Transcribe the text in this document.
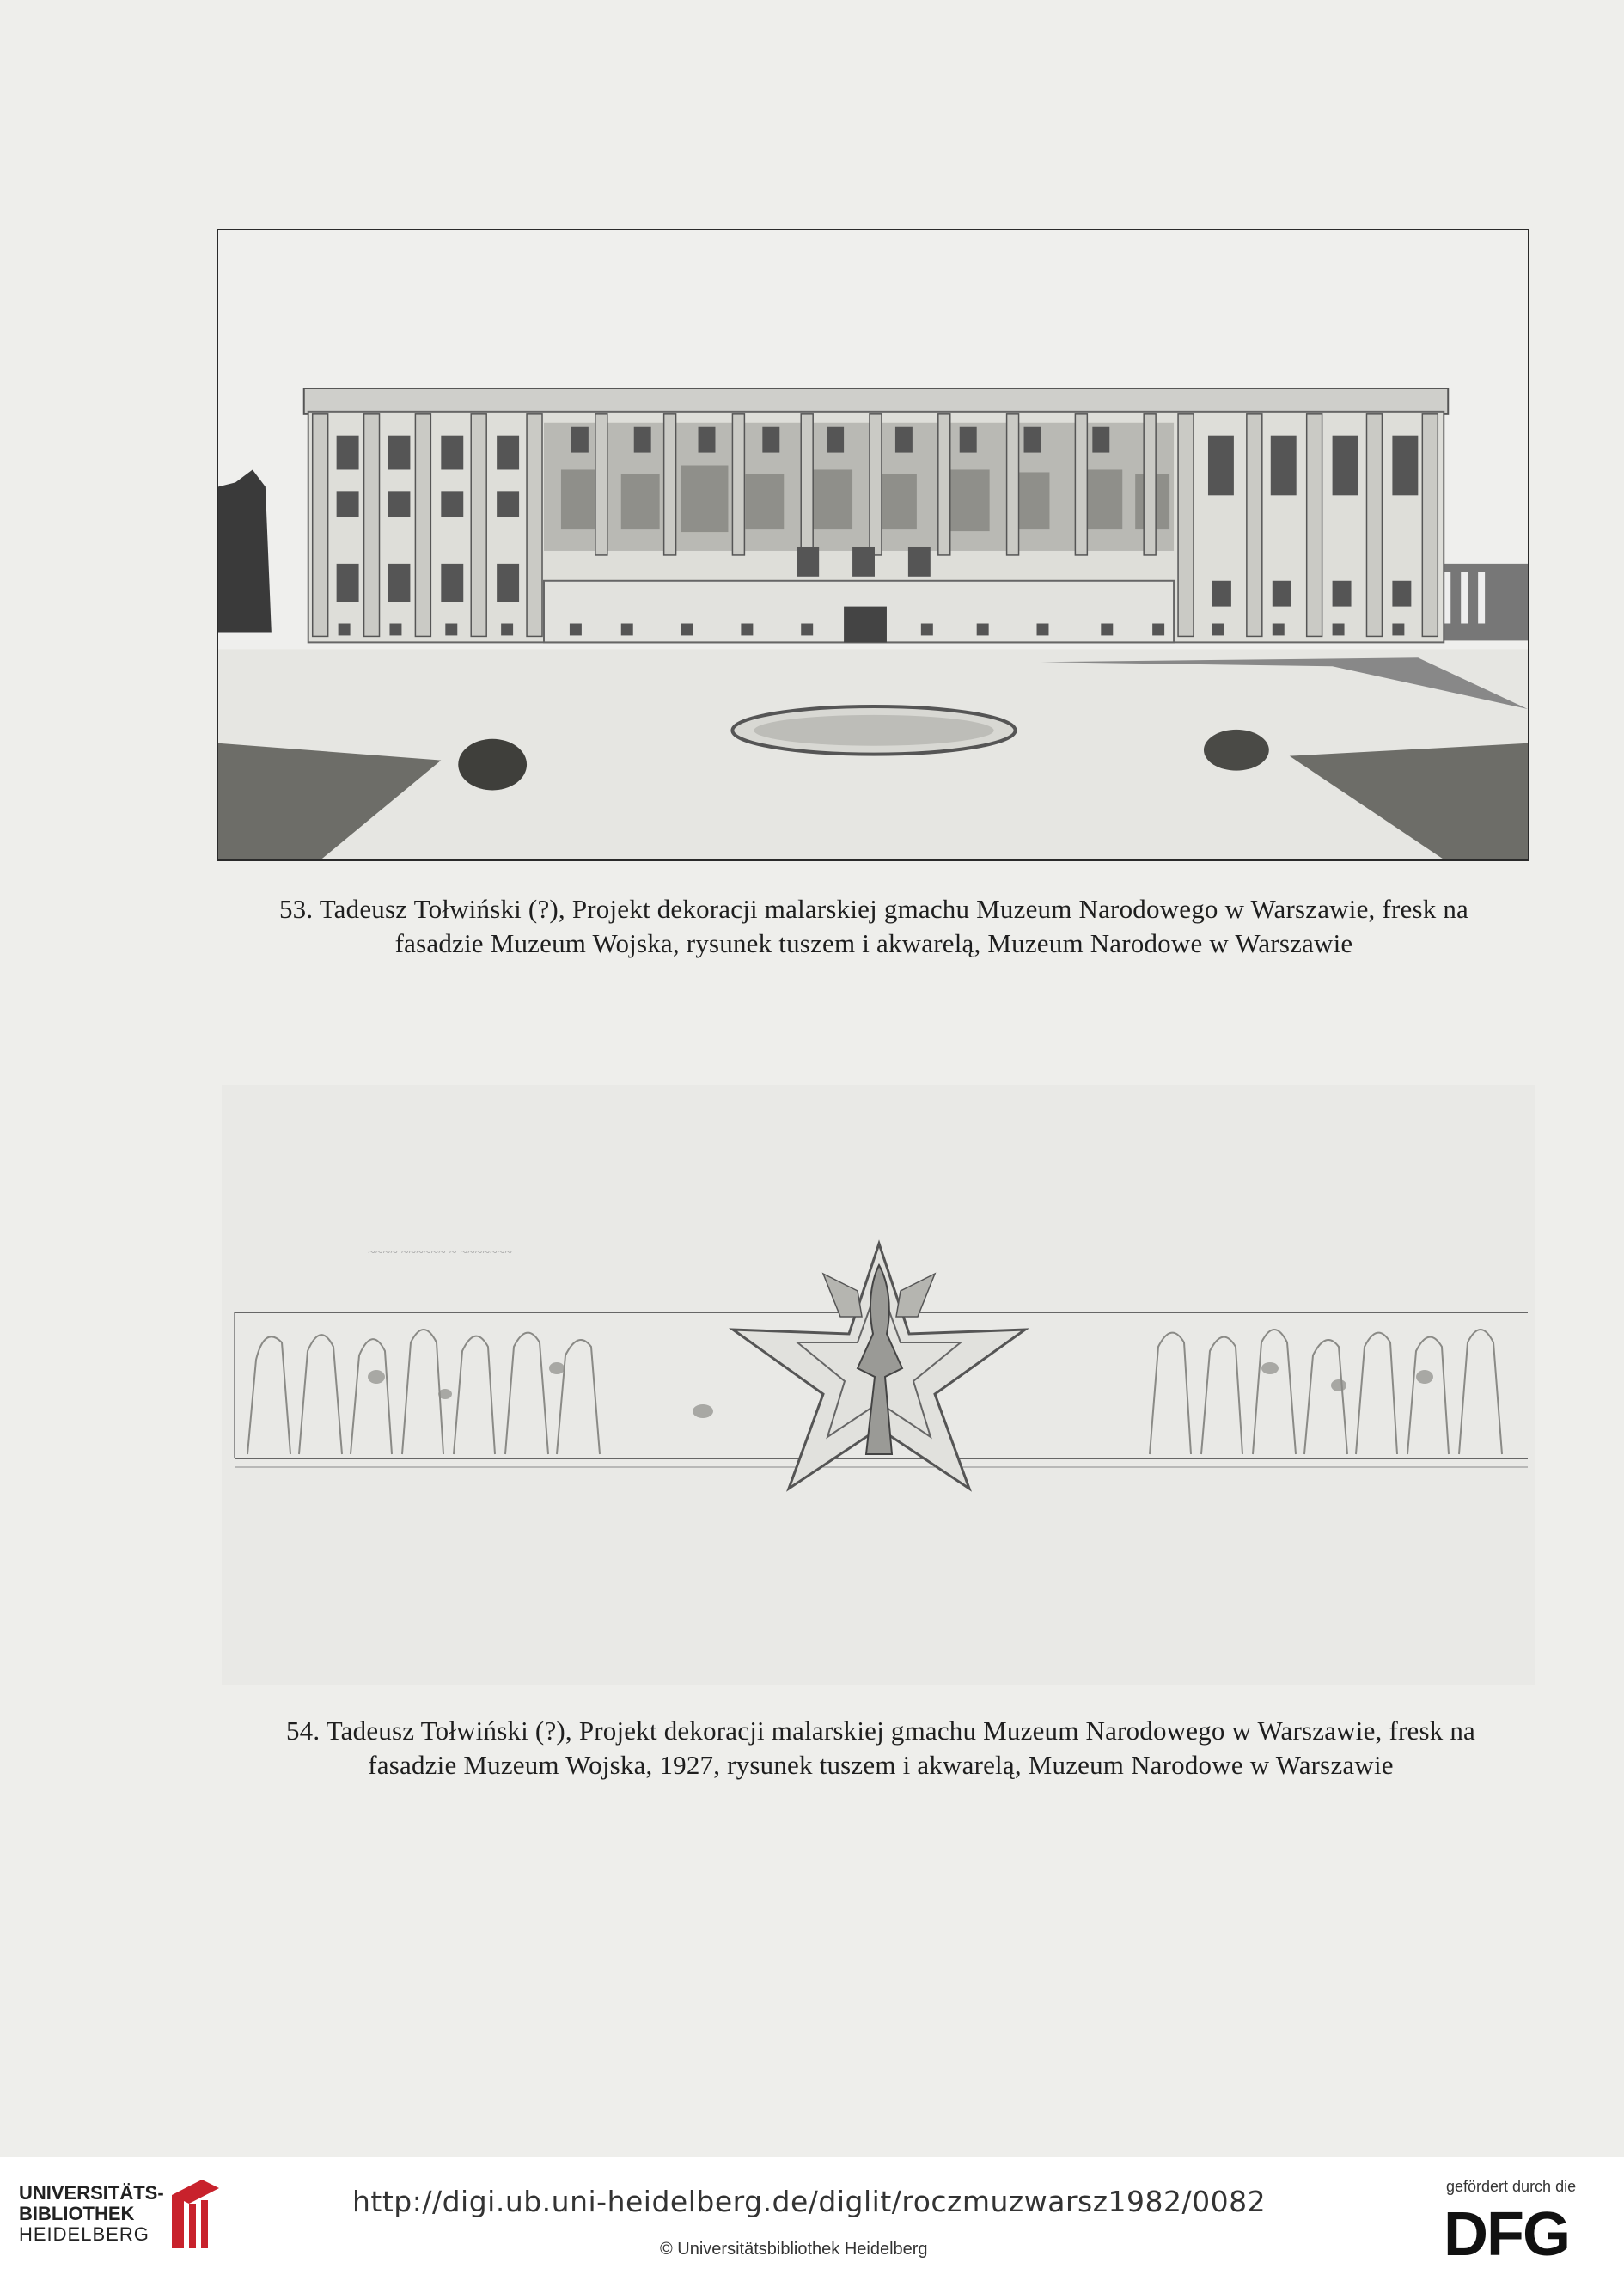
53. Tadeusz Tołwiński (?), Projekt dekoracji malarskiej gmachu Muzeum Narodowego w Warszawie, fresk na
fasadzie Muzeum Wojska, rysunek tuszem i akwarelą, Muzeum Narodowe w Warszawie
~~~~ ~~~~~~ ~ ~~~~~~~
54. Tadeusz Tołwiński (?), Projekt dekoracji malarskiej gmachu Muzeum Narodowego w Warszawie, fresk na
fasadzie Muzeum Wojska, 1927, rysunek tuszem i akwarelą, Muzeum Narodowe w Warszawie
UNIVERSITÄTS-
BIBLIOTHEK
HEIDELBERG
http://digi.ub.uni-heidelberg.de/diglit/roczmuzwarsz1982/0082
© Universitätsbibliothek Heidelberg
gefördert durch die
DFG
